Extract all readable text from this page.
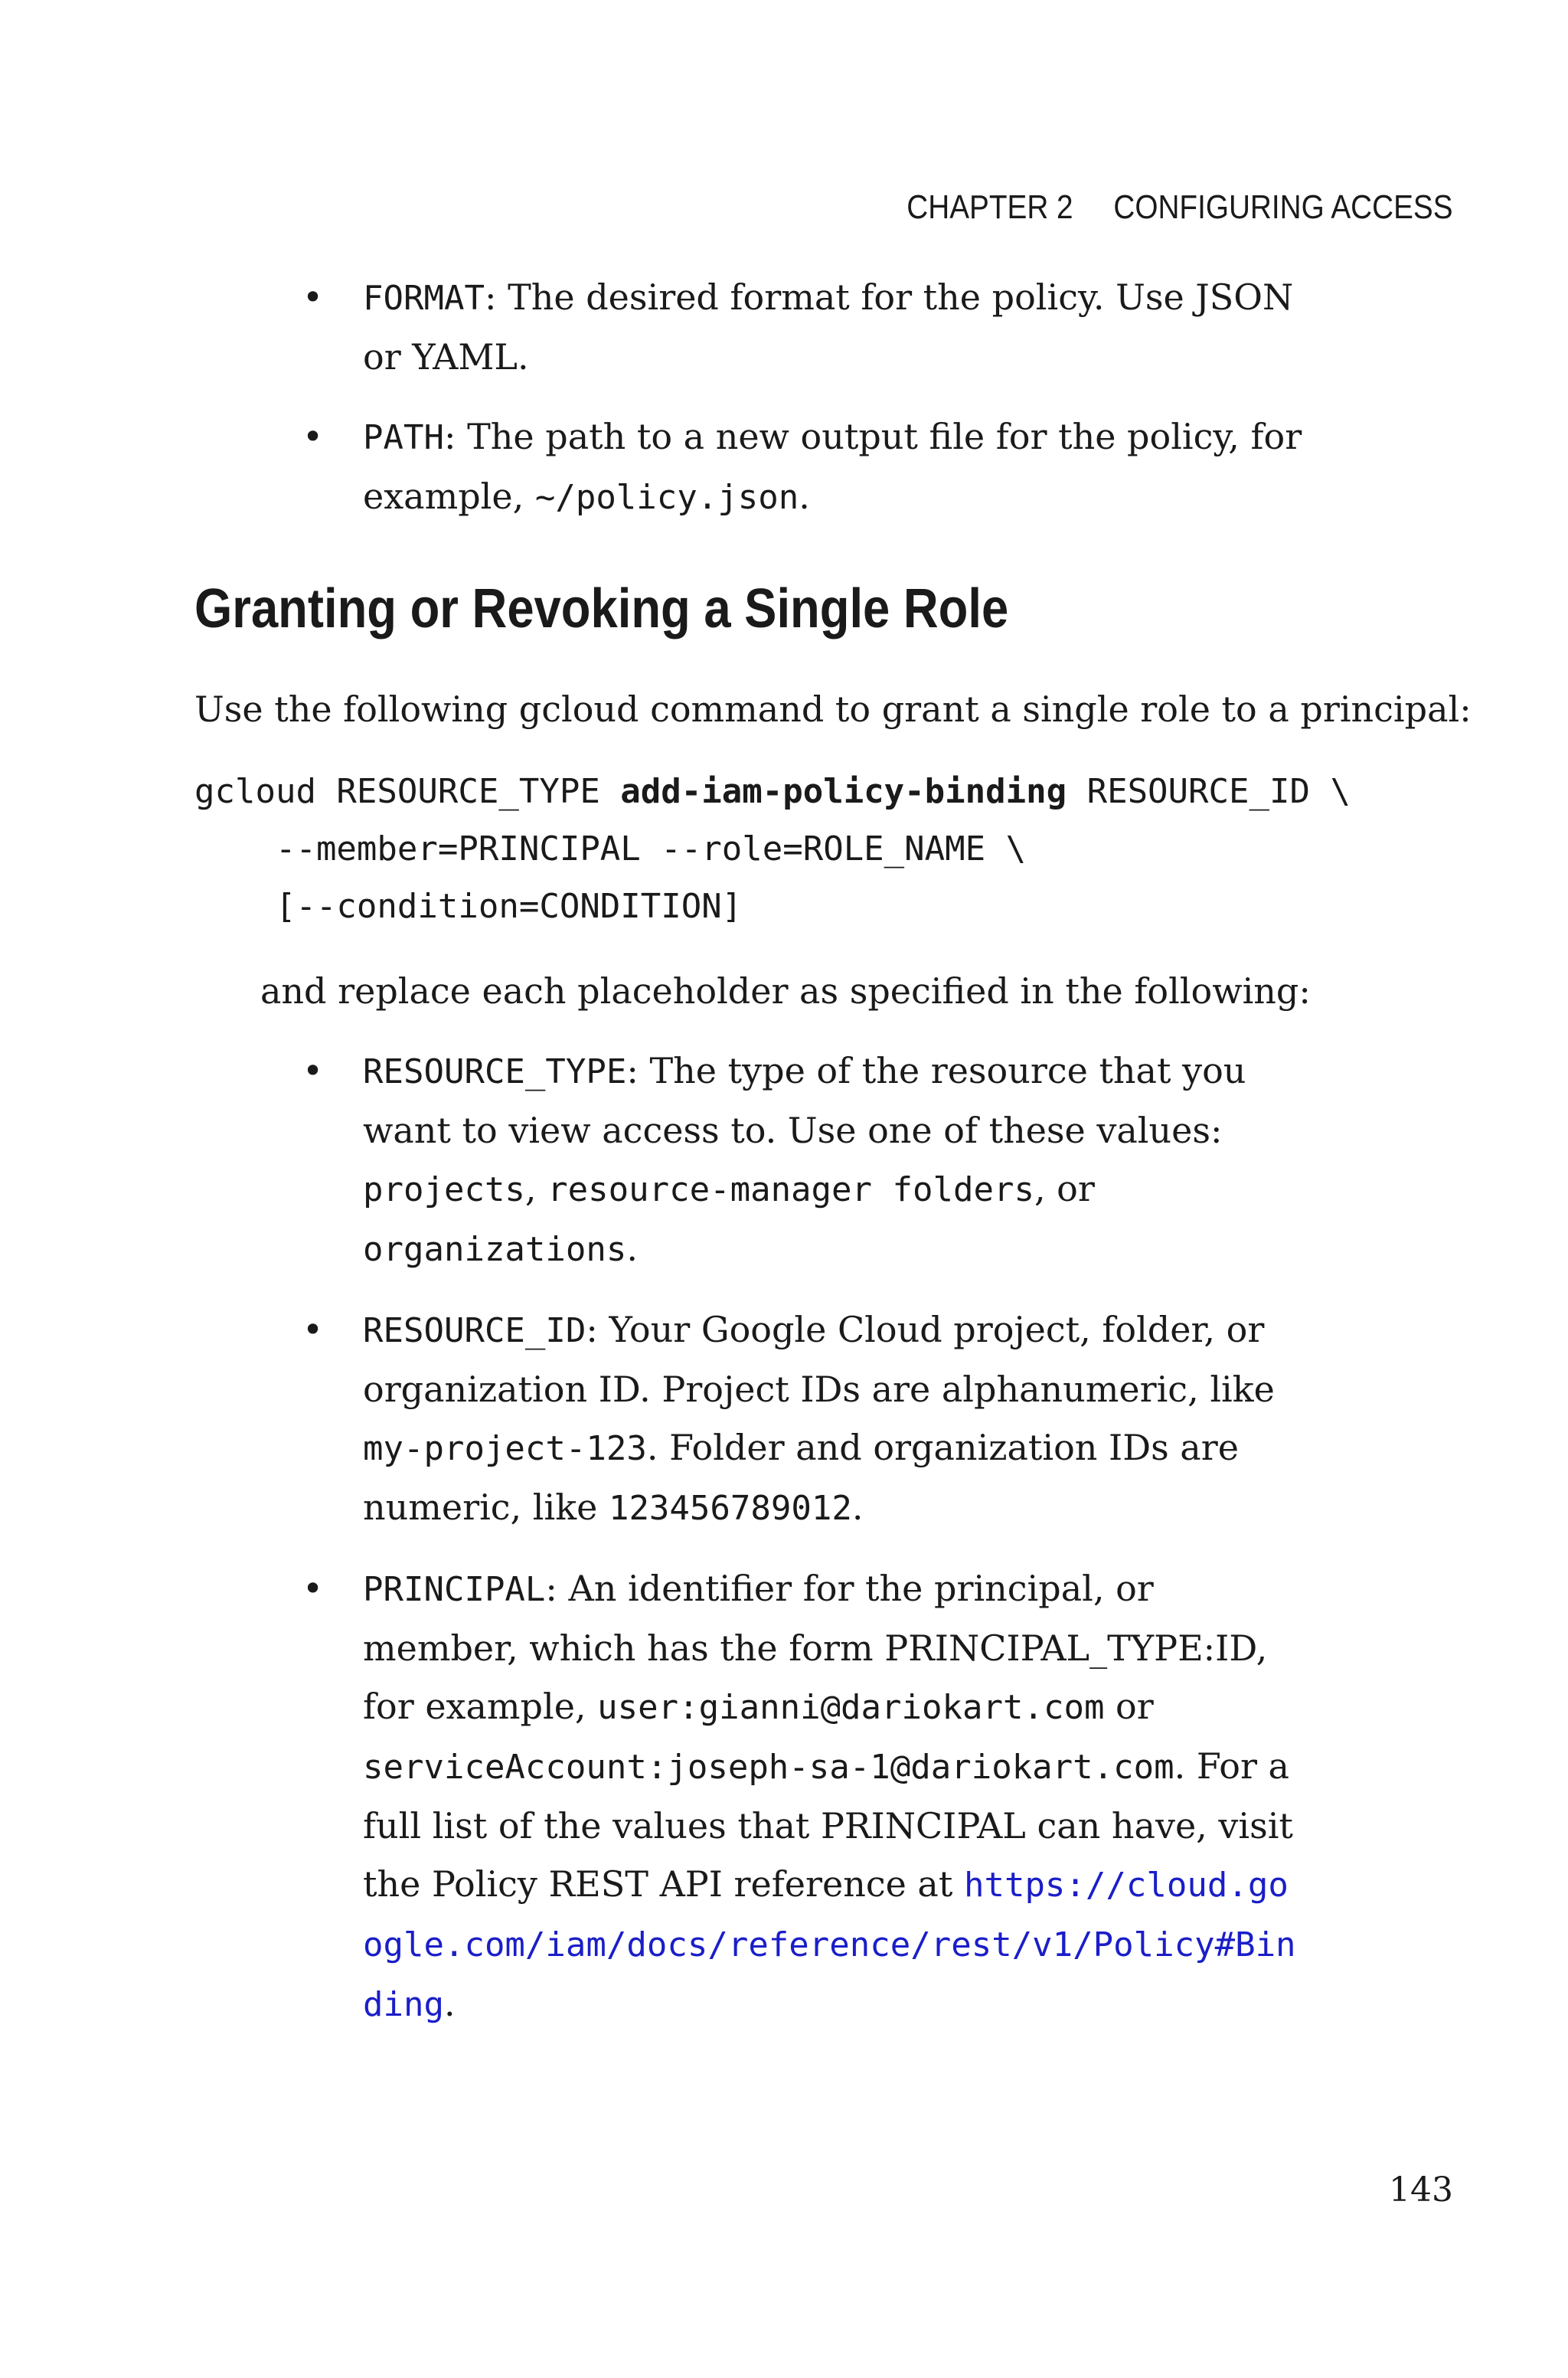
CHAPTER 2 CONFIGURING ACCESS
• FORMAT: The desired format for the policy. Use JSON or YAML.
• PATH: The path to a new output file for the policy, for example, ~/policy.json.
Granting or Revoking a Single Role
Use the following gcloud command to grant a single role to a principal:
gcloud RESOURCE_TYPE add-iam-policy-binding RESOURCE_ID \
--member=PRINCIPAL --role=ROLE_NAME \
[--condition=CONDITION]
and replace each placeholder as specified in the following:
• RESOURCE_TYPE: The type of the resource that you want to view access to. Use one of these values: projects, resource-manager folders, or organizations.
• RESOURCE_ID: Your Google Cloud project, folder, or organization ID. Project IDs are alphanumeric, like my-project-123. Folder and organization IDs are numeric, like 123456789012.
• PRINCIPAL: An identifier for the principal, or member, which has the form PRINCIPAL_TYPE:ID, for example, user:gianni@dariokart.com or serviceAccount:joseph-sa-1@dariokart.com. For a full list of the values that PRINCIPAL can have, visit the Policy REST API reference at https://cloud.google.com/iam/docs/reference/rest/v1/Policy#Binding.
143
